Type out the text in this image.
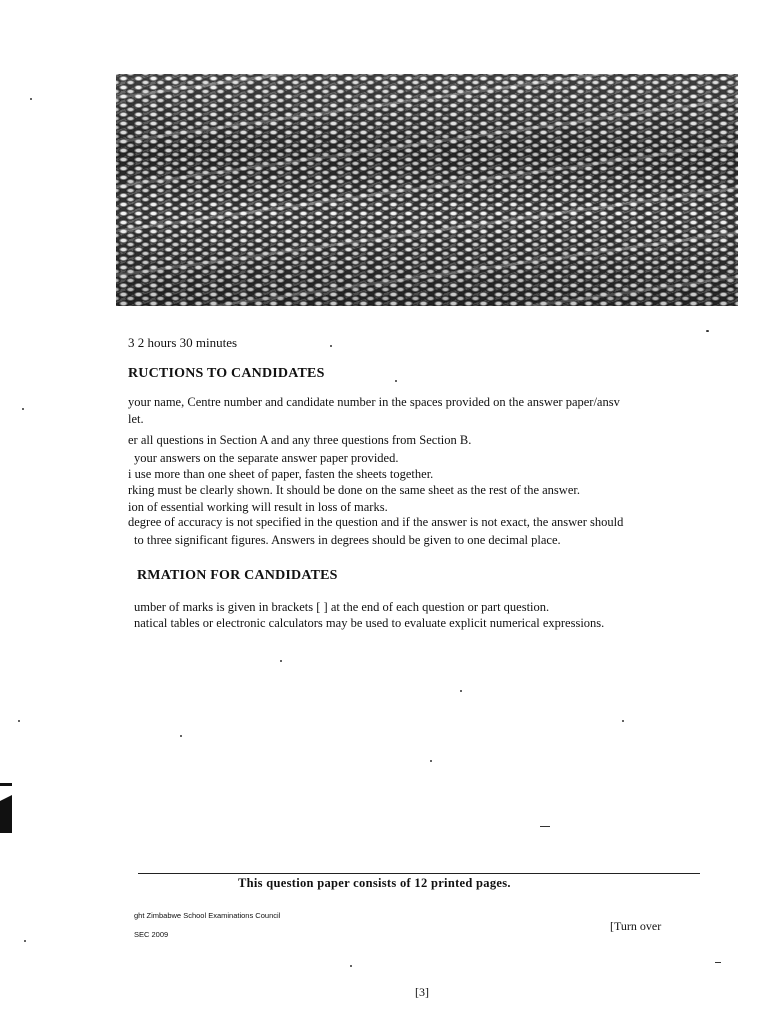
3 2 hours 30 minutes
RUCTIONS TO CANDIDATES
your name, Centre number and candidate number in the spaces provided on the answer paper/ansv
let.
er all questions in Section A and any three questions from Section B.
your answers on the separate answer paper provided.
i use more than one sheet of paper, fasten the sheets together.
rking must be clearly shown. It should be done on the same sheet as the rest of the answer.
ion of essential working will result in loss of marks.
degree of accuracy is not specified in the question and if the answer is not exact, the answer should
to three significant figures. Answers in degrees should be given to one decimal place.
RMATION FOR CANDIDATES
umber of marks is given in brackets [ ] at the end of each question or part question.
natical tables or electronic calculators may be used to evaluate explicit numerical expressions.
This question paper consists of 12 printed pages.
ght Zimbabwe School Examinations Council
SEC 2009
[Turn over
[3]
